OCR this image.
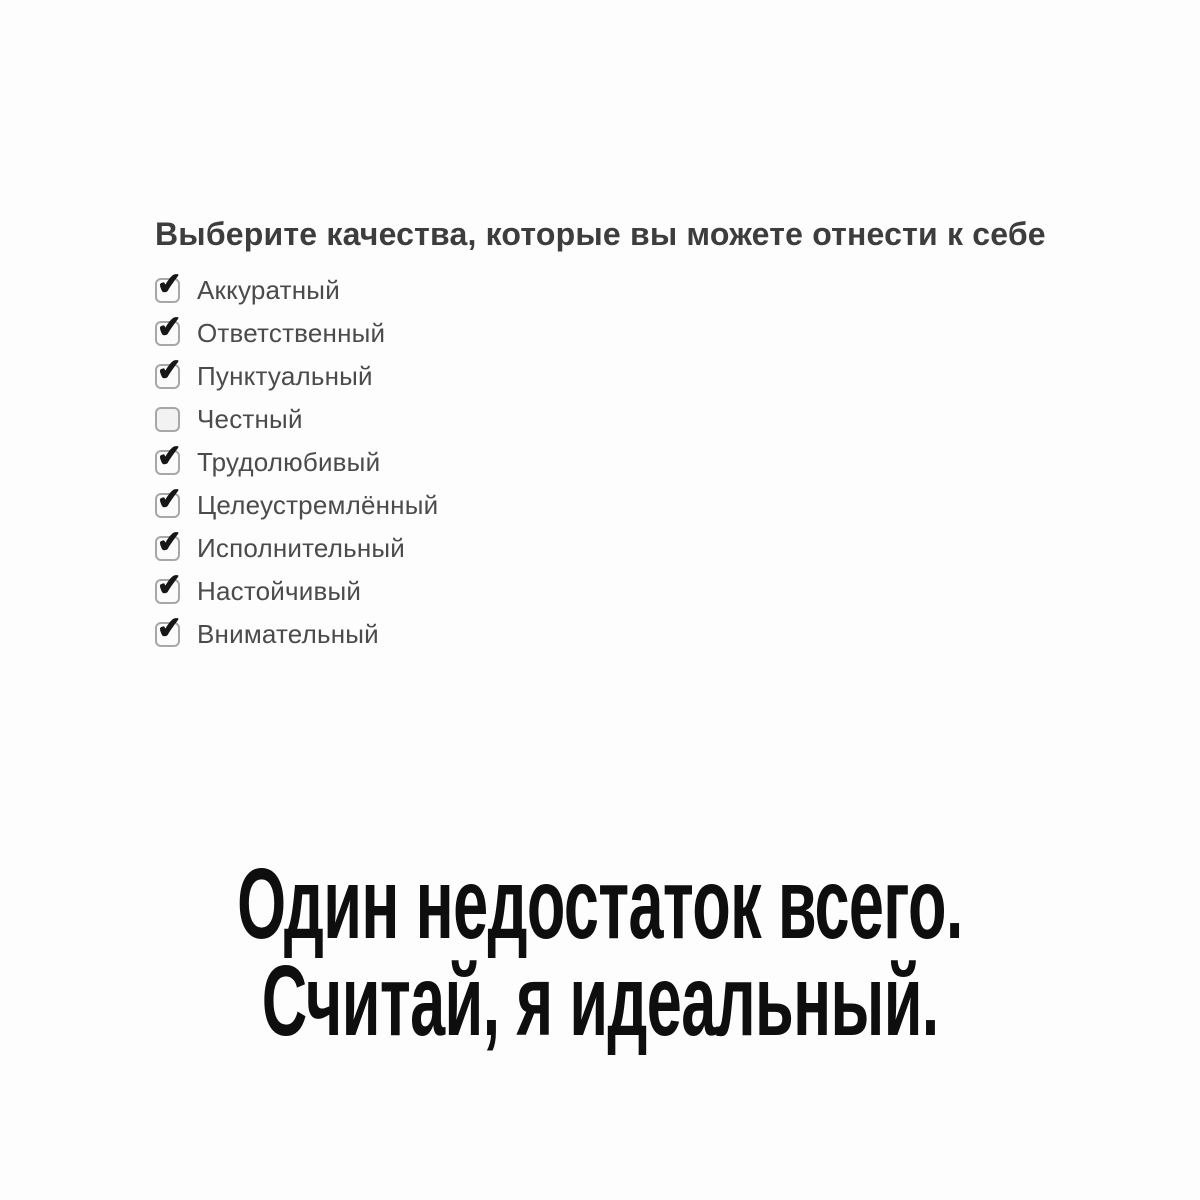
Выберите качества, которые вы можете отнести к себе
✔ Аккуратный
✔ Ответственный
✔ Пунктуальный
Честный
✔ Трудолюбивый
✔ Целеустремлённый
✔ Исполнительный
✔ Настойчивый
✔ Внимательный
Один недостаток всего.
Считай, я идеальный.
